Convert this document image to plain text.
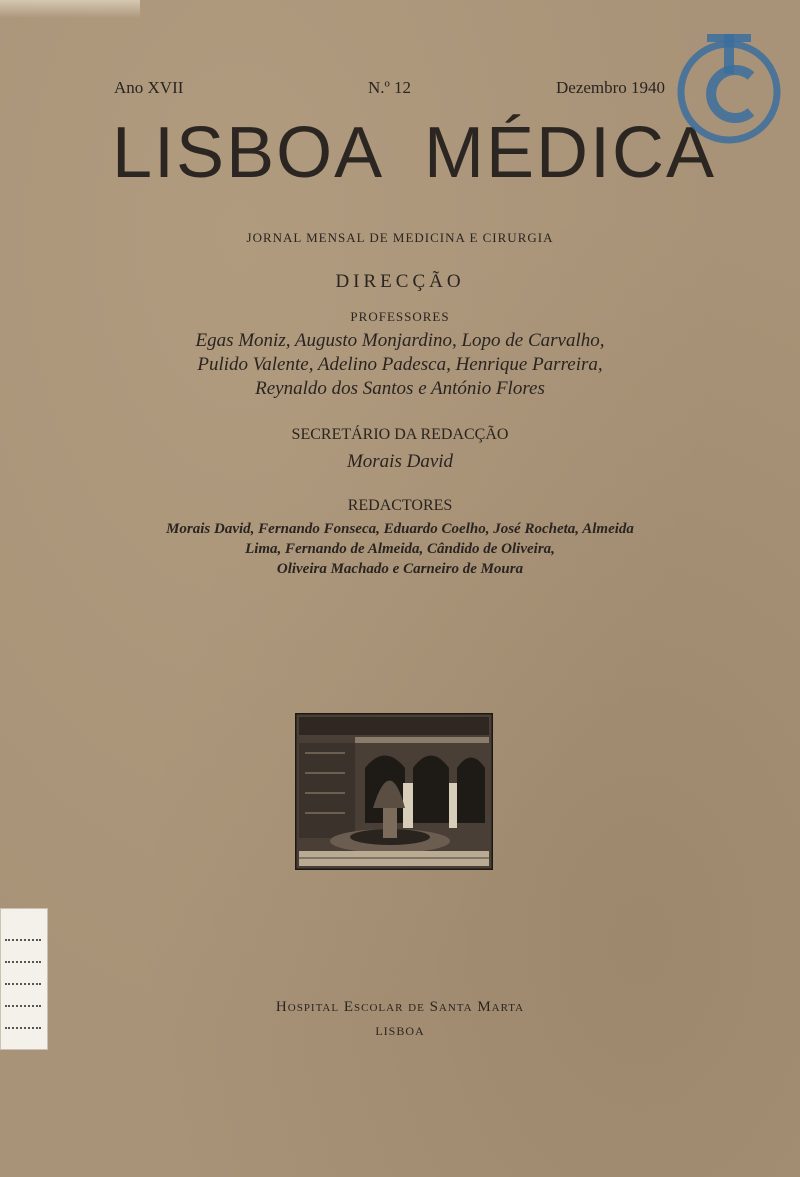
Ano XVII	N.º 12	Dezembro 1940
LISBOA MÉDICA
JORNAL MENSAL DE MEDICINA E CIRURGIA
DIRECÇÃO
PROFESSORES
Egas Moniz, Augusto Monjardino, Lopo de Carvalho,
Pulido Valente, Adelino Padesca, Henrique Parreira,
Reynaldo dos Santos e António Flores
SECRETÁRIO DA REDACÇÃO
Morais David
REDACTORES
Morais David, Fernando Fonseca, Eduardo Coelho, José Rocheta, Almeida
Lima, Fernando de Almeida, Cândido de Oliveira,
Oliveira Machado e Carneiro de Moura
Hospital Escolar de Santa Marta
LISBOA
